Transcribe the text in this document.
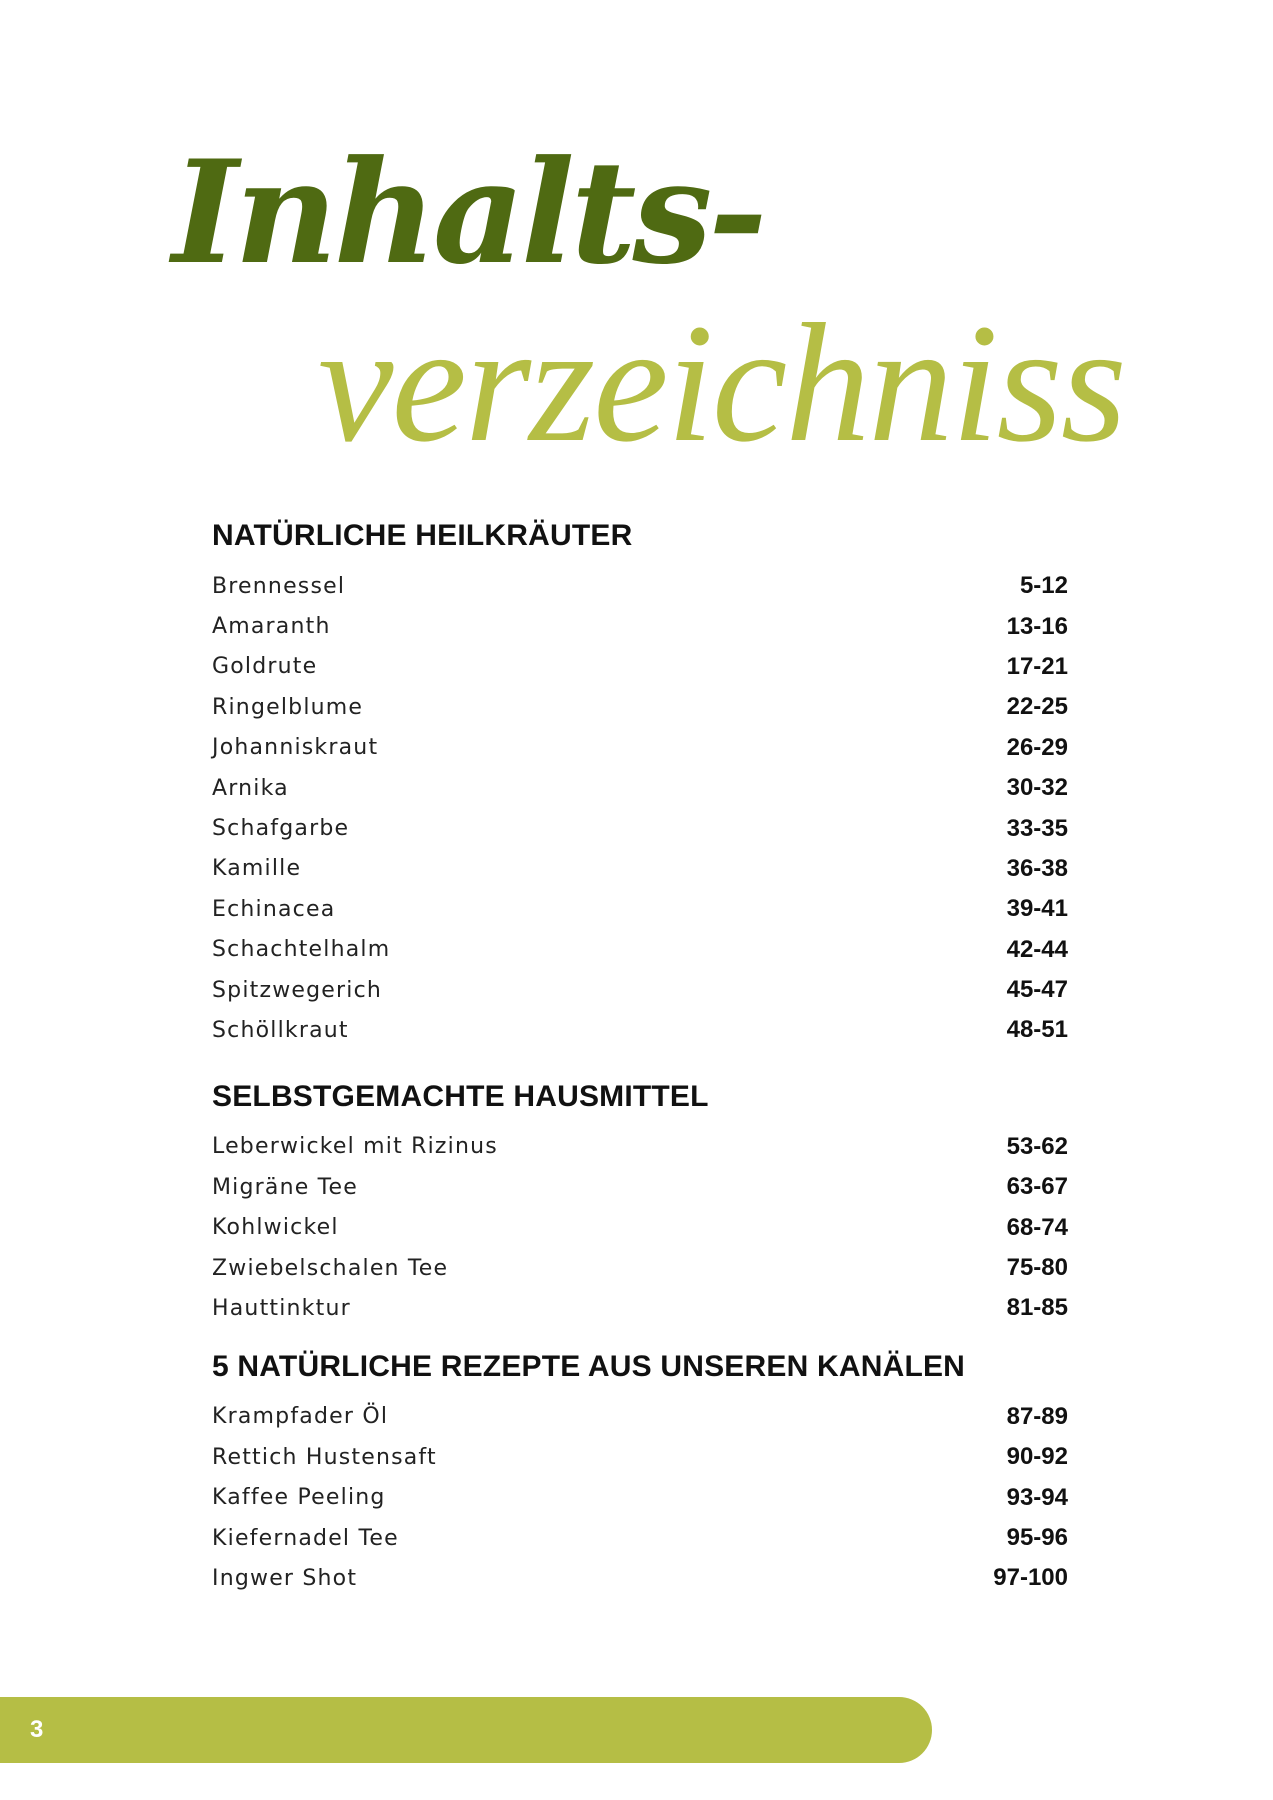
Inhalts-
verzeichniss
NATÜRLICHE HEILKRÄUTER
Brennessel	5-12
Amaranth	13-16
Goldrute	17-21
Ringelblume	22-25
Johanniskraut	26-29
Arnika	30-32
Schafgarbe	33-35
Kamille	36-38
Echinacea	39-41
Schachtelhalm	42-44
Spitzwegerich	45-47
Schöllkraut	48-51
SELBSTGEMACHTE HAUSMITTEL
Leberwickel mit Rizinus	53-62
Migräne Tee	63-67
Kohlwickel	68-74
Zwiebelschalen Tee	75-80
Hauttinktur	81-85
5 NATÜRLICHE REZEPTE AUS UNSEREN KANÄLEN
Krampfader Öl	87-89
Rettich Hustensaft	90-92
Kaffee Peeling	93-94
Kiefernadel Tee	95-96
Ingwer Shot	97-100
3
